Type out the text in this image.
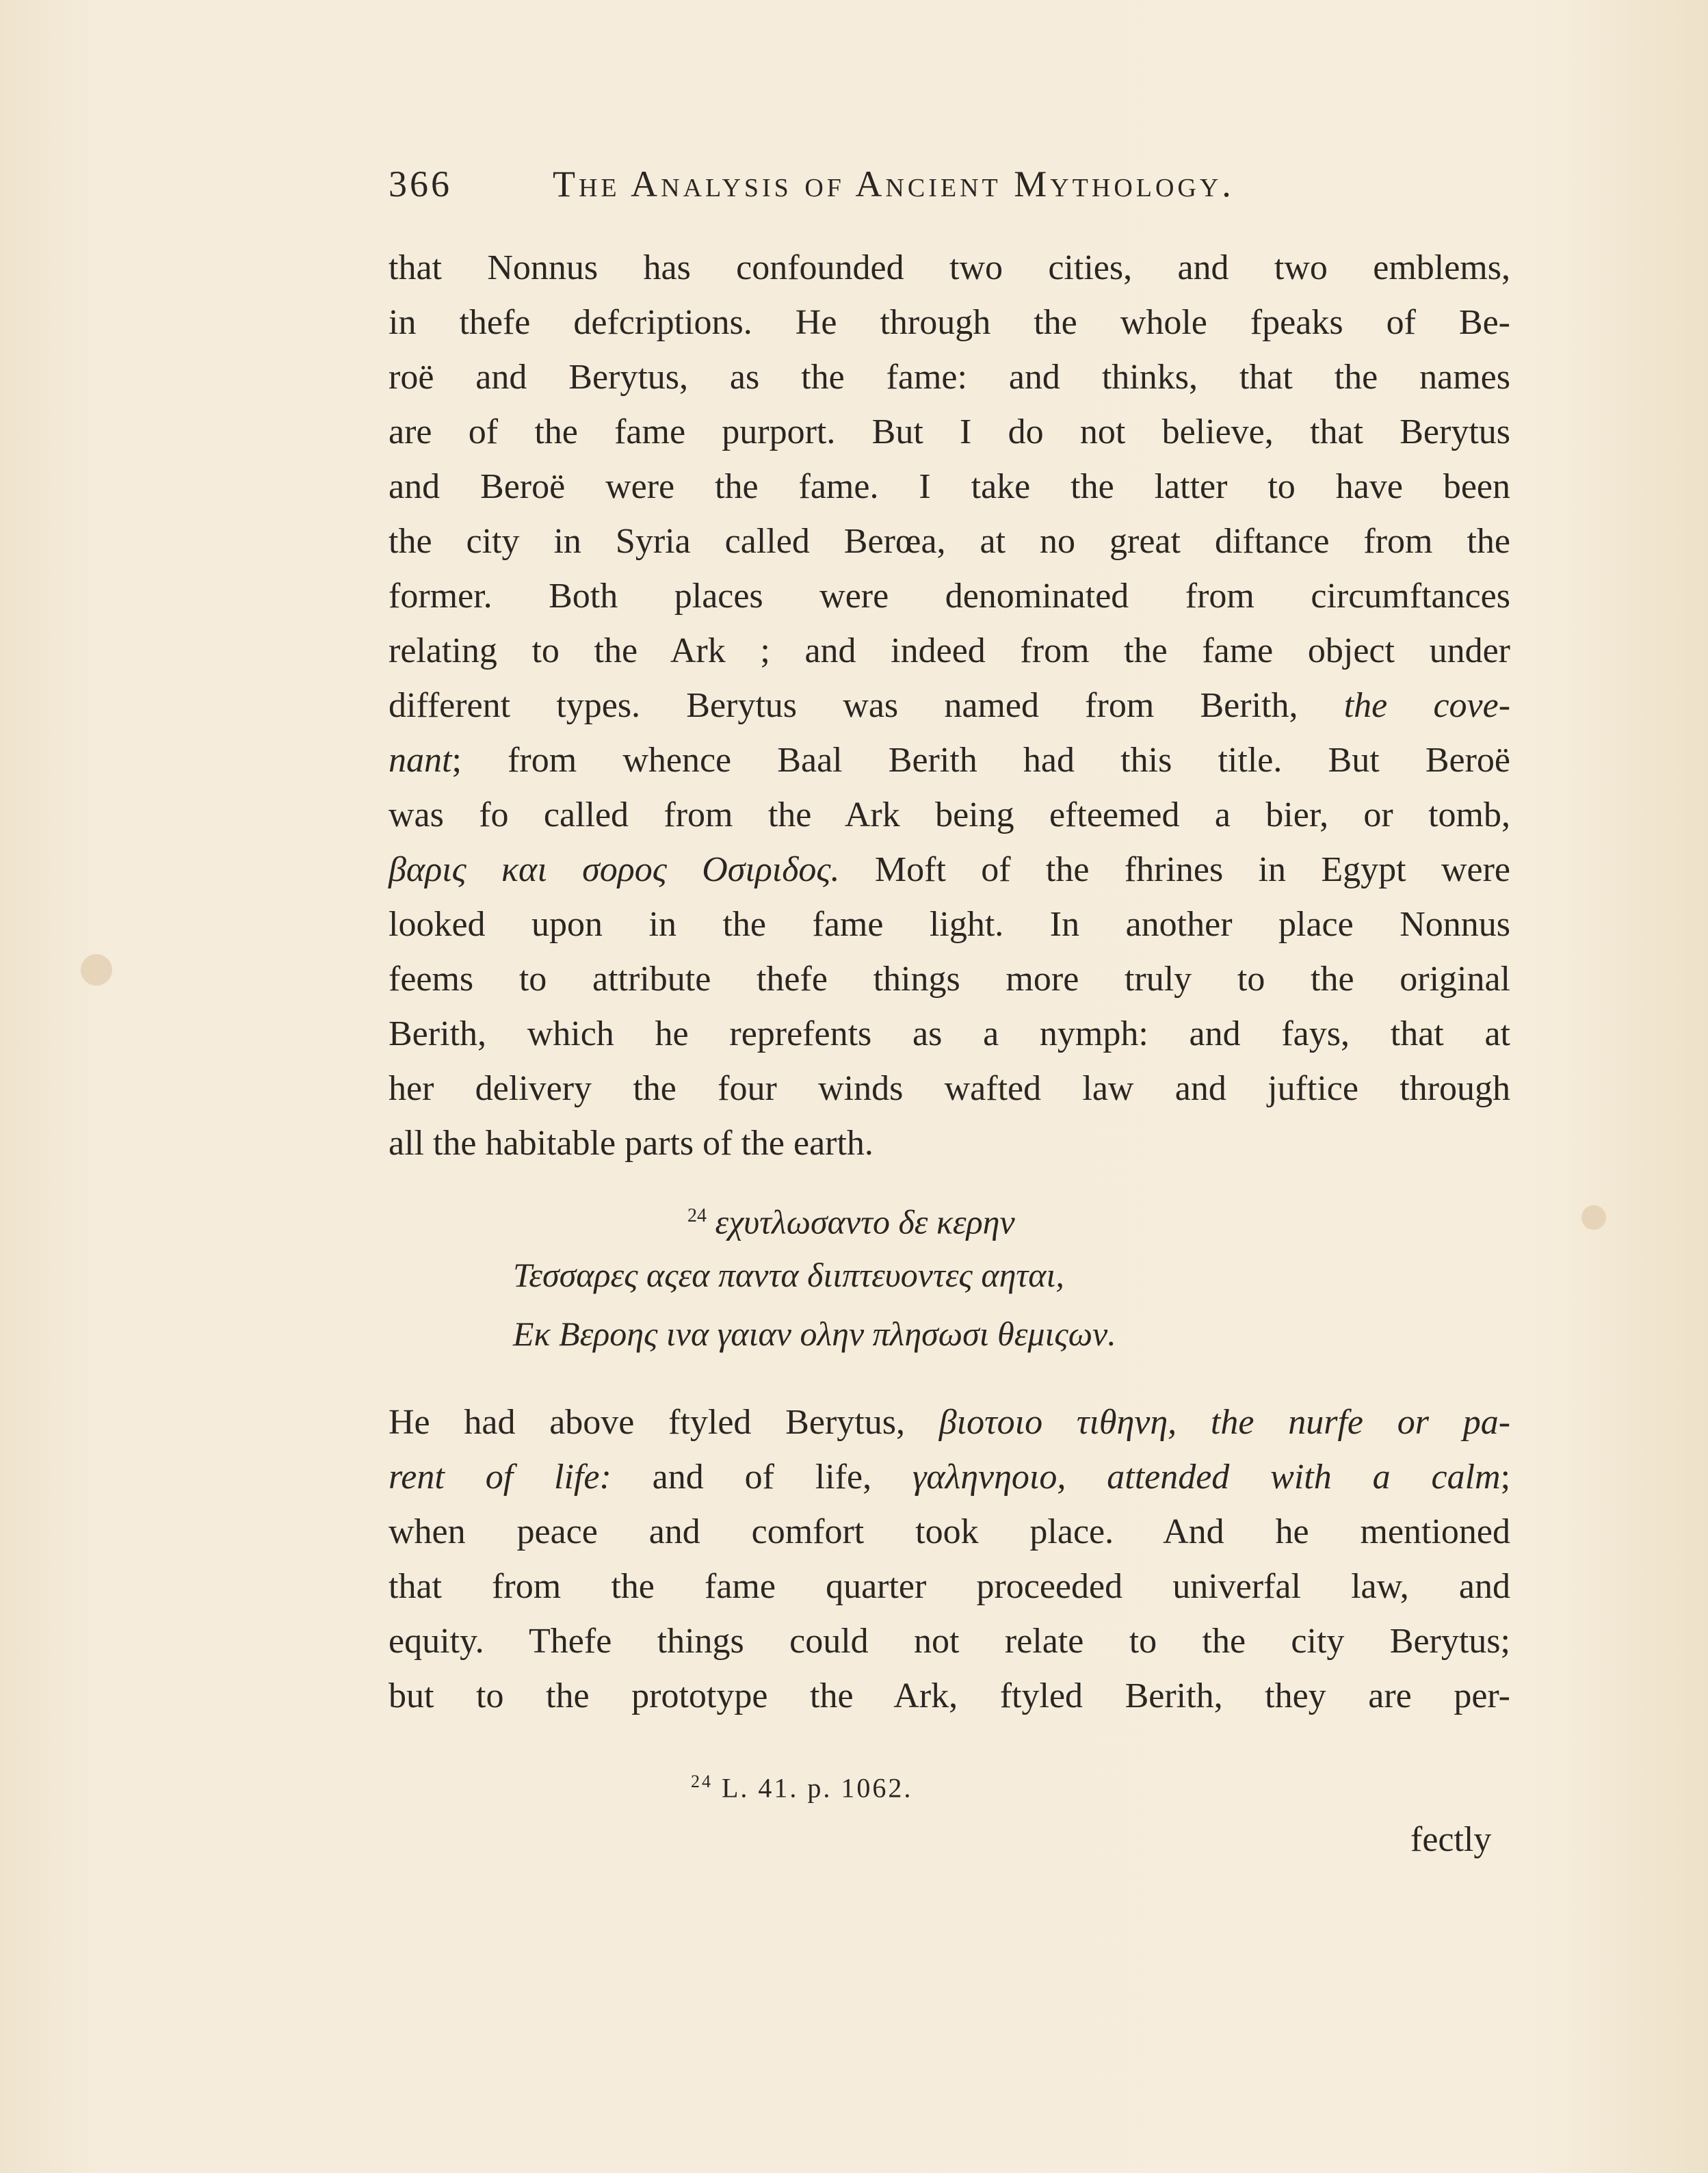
366	The Analysis of Ancient Mythology.
that Nonnus has confounded two cities, and two emblems,
in thefe defcriptions. He through the whole fpeaks of Be-
roë and Berytus, as the fame: and thinks, that the names
are of the fame purport. But I do not believe, that Berytus
and Beroë were the fame. I take the latter to have been
the city in Syria called Berœa, at no great diftance from the
former. Both places were denominated from circumftances
relating to the Ark ; and indeed from the fame object under
different types. Berytus was named from Berith, the cove-
nant; from whence Baal Berith had this title. But Beroë
was fo called from the Ark being efteemed a bier, or tomb,
βαρις και σορος Οσιριδος. Moft of the fhrines in Egypt were
looked upon in the fame light. In another place Nonnus
feems to attribute thefe things more truly to the original
Berith, which he reprefents as a nymph: and fays, that at
her delivery the four winds wafted law and juftice through
all the habitable parts of the earth.
$^{24}$ εχυτλωσαντο δε κερην
Τεσσαρες αςεα παντα διιπτευοντες αηται,
Εκ Βεροης ινα γαιαν ολην πλησωσι θεμιςων.
He had above ftyled Berytus, βιοτοιο τιθηνη, the nurfe or pa-
rent of life: and of life, γαληνηοιο, attended with a calm;
when peace and comfort took place. And he mentioned
that from the fame quarter proceeded univerfal law, and
equity. Thefe things could not relate to the city Berytus;
but to the prototype the Ark, ftyled Berith, they are per-
$^{24}$ L. 41. p. 1062.
fectly
